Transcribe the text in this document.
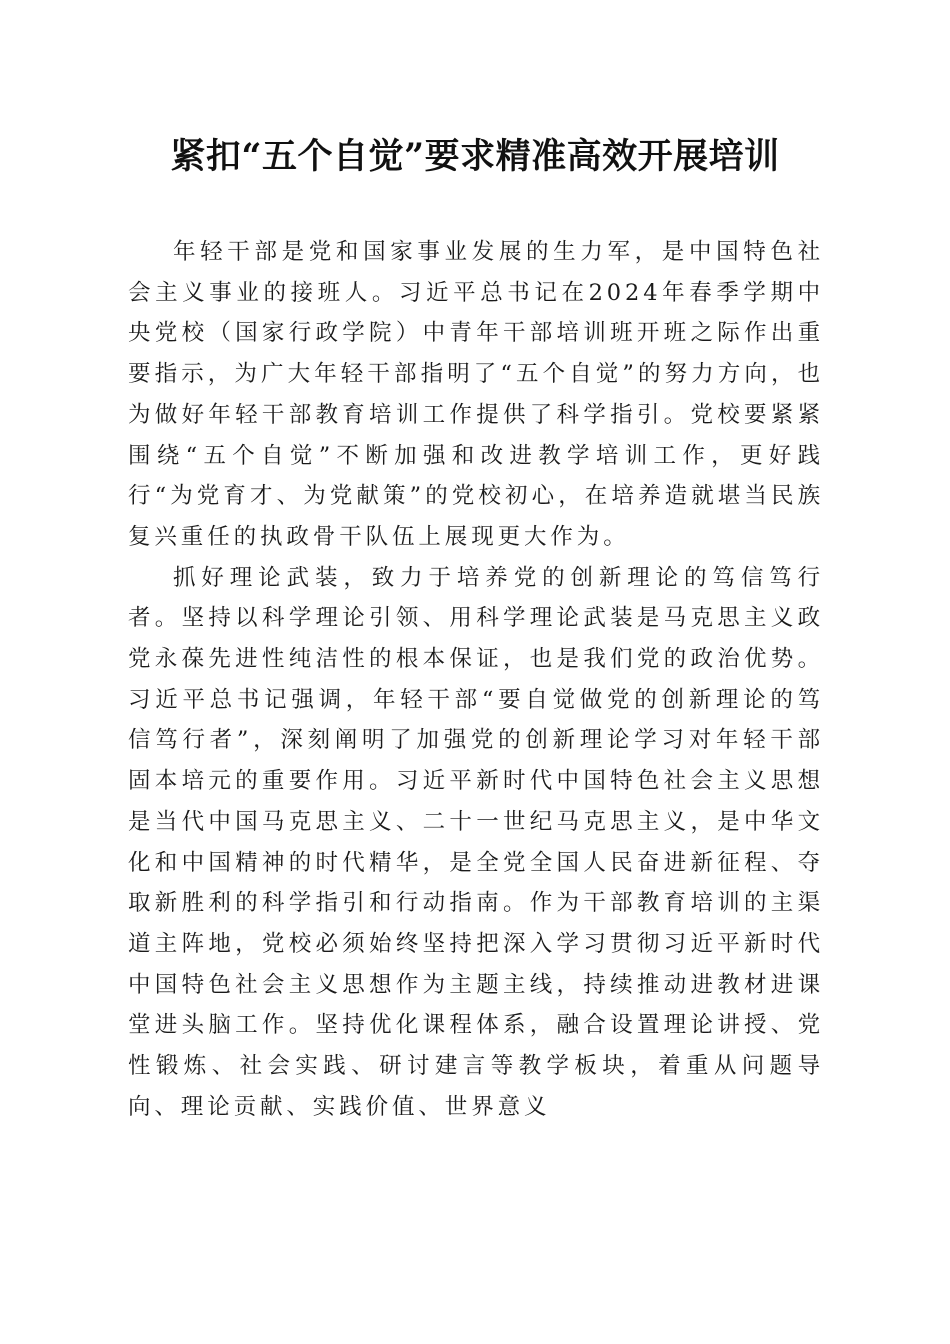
紧扣“五个自觉”要求精准高效开展培训

年轻干部是党和国家事业发展的生力军，是中国特色社会主义事业的接班人。习近平总书记在2024年春季学期中央党校（国家行政学院）中青年干部培训班开班之际作出重要指示，为广大年轻干部指明了“五个自觉”的努力方向，也为做好年轻干部教育培训工作提供了科学指引。党校要紧紧围绕“五个自觉”不断加强和改进教学培训工作，更好践行“为党育才、为党献策”的党校初心，在培养造就堪当民族复兴重任的执政骨干队伍上展现更大作为。

抓好理论武装，致力于培养党的创新理论的笃信笃行者。坚持以科学理论引领、用科学理论武装是马克思主义政党永葆先进性纯洁性的根本保证，也是我们党的政治优势。习近平总书记强调，年轻干部“要自觉做党的创新理论的笃信笃行者”，深刻阐明了加强党的创新理论学习对年轻干部固本培元的重要作用。习近平新时代中国特色社会主义思想是当代中国马克思主义、二十一世纪马克思主义，是中华文化和中国精神的时代精华，是全党全国人民奋进新征程、夺取新胜利的科学指引和行动指南。作为干部教育培训的主渠道主阵地，党校必须始终坚持把深入学习贯彻习近平新时代中国特色社会主义思想作为主题主线，持续推动进教材进课堂进头脑工作。坚持优化课程体系，融合设置理论讲授、党性锻炼、社会实践、研讨建言等教学板块，着重从问题导向、理论贡献、实践价值、世界意义
